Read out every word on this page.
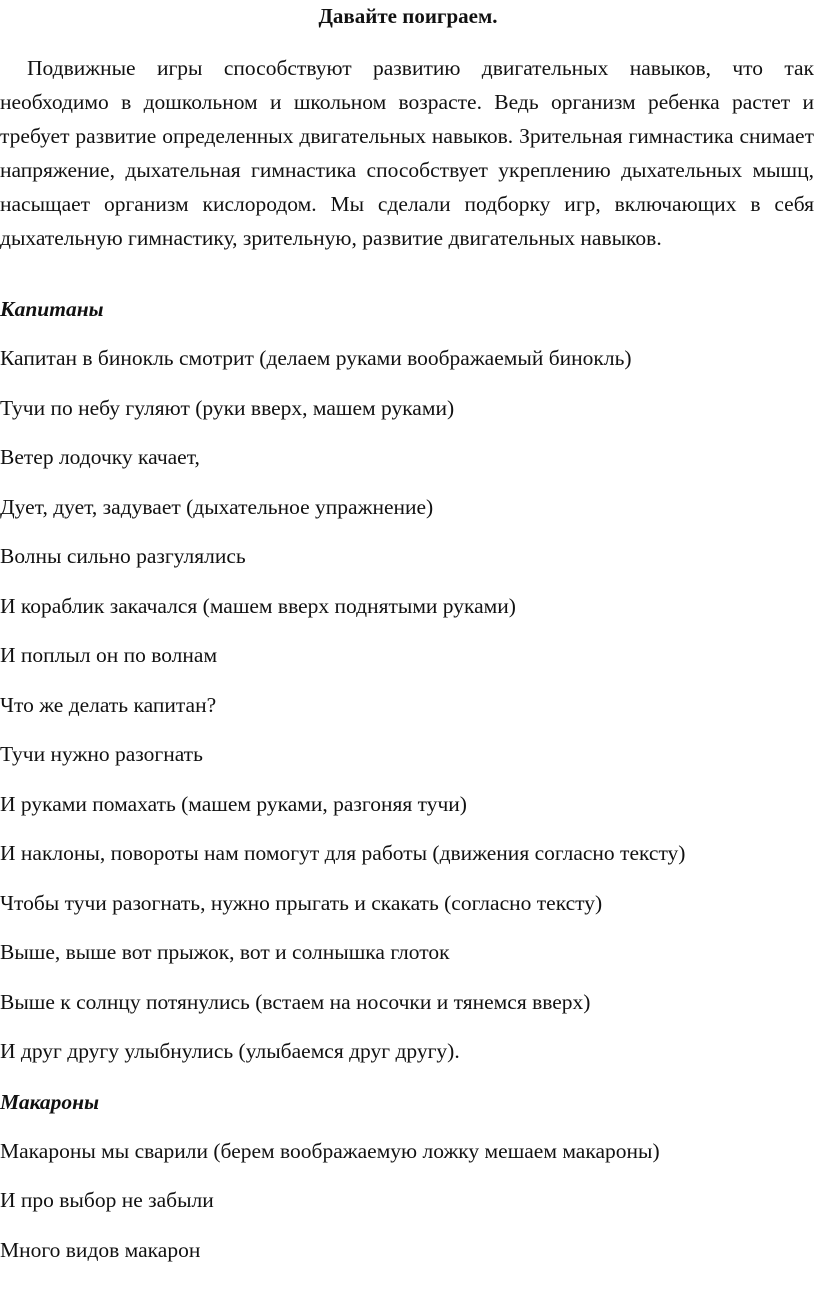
Давайте поиграем.

Подвижные игры способствуют развитию двигательных навыков, что так необходимо в дошкольном и школьном возрасте. Ведь организм ребенка растет и требует развитие определенных двигательных навыков. Зрительная гимнастика снимает напряжение, дыхательная гимнастика способствует укреплению дыхательных мышц, насыщает организм кислородом. Мы сделали подборку игр, включающих в себя дыхательную гимнастику, зрительную, развитие двигательных навыков.

Капитаны

Капитан в бинокль смотрит (делаем руками воображаемый бинокль)

Тучи по небу гуляют (руки вверх, машем руками)

Ветер лодочку качает,

Дует, дует, задувает (дыхательное упражнение)

Волны сильно разгулялись

И кораблик закачался (машем вверх поднятыми руками)

И поплыл он по волнам

Что же делать капитан?

Тучи нужно разогнать

И руками помахать (машем руками, разгоняя тучи)

И наклоны, повороты нам помогут для работы (движения согласно тексту)

Чтобы тучи разогнать, нужно прыгать и скакать (согласно тексту)

Выше, выше вот прыжок, вот и солнышка глоток

Выше к солнцу потянулись (встаем на носочки и тянемся вверх)

И друг другу улыбнулись (улыбаемся друг другу).

Макароны

Макароны мы сварили (берем воображаемую ложку мешаем макароны)

И про выбор не забыли

Много видов макарон
